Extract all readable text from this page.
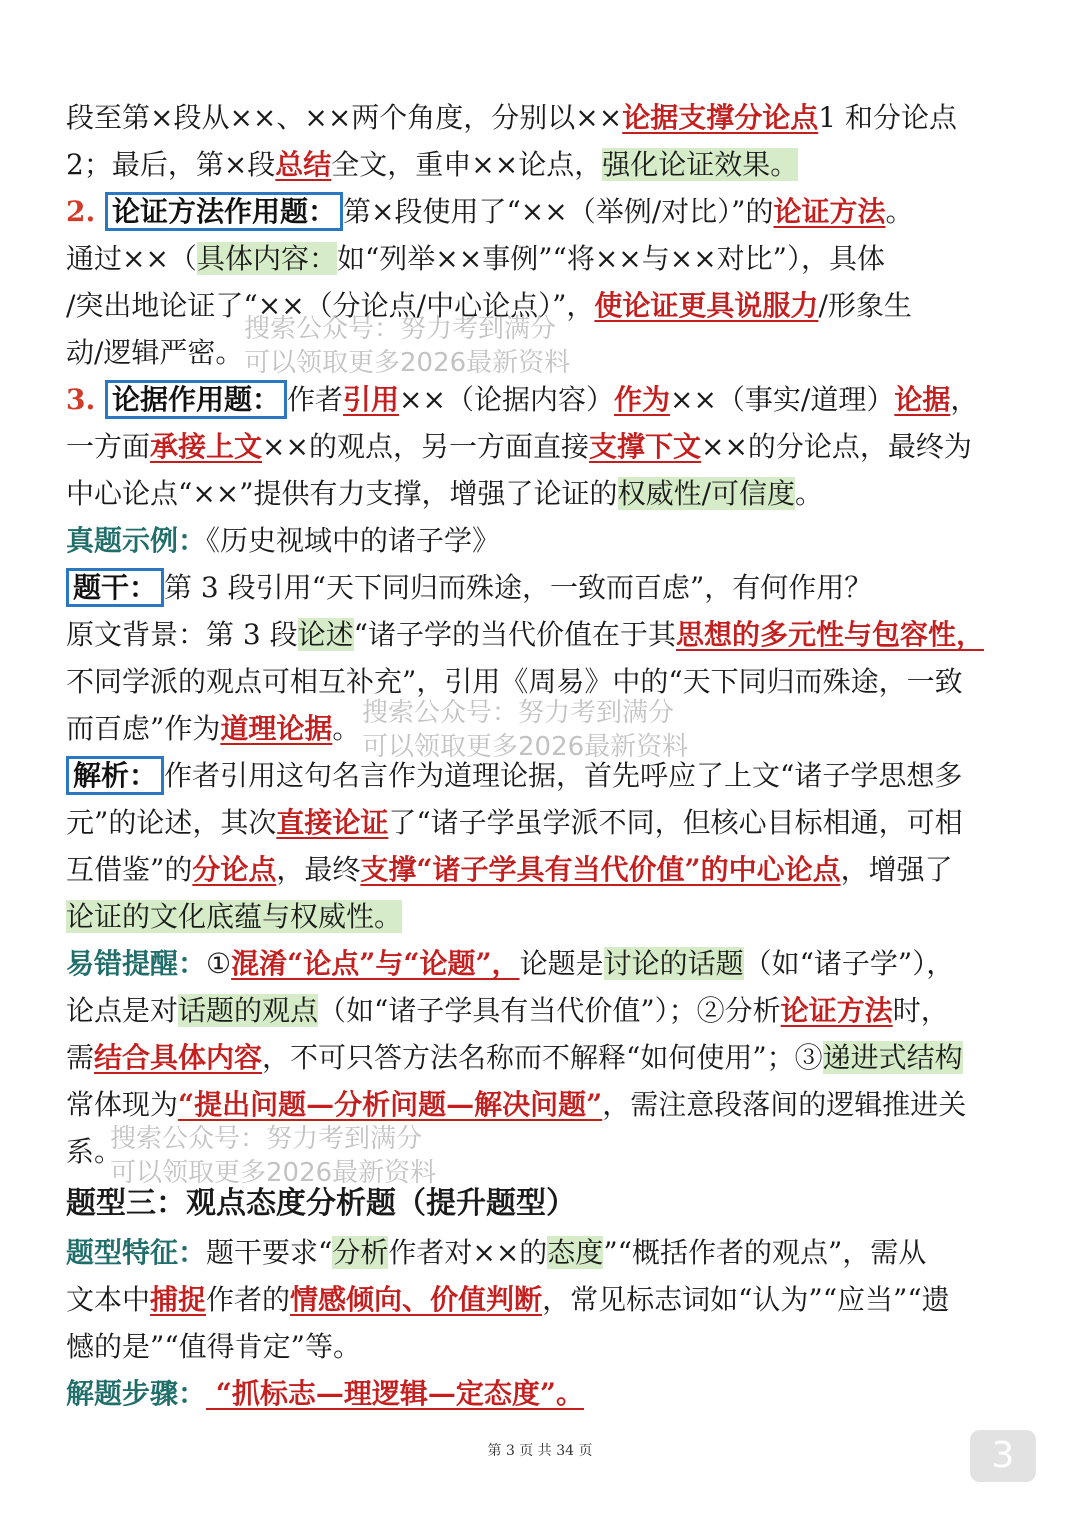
段至第×段从××、××两个角度，分别以××论据支撑分论点1 和分论点
2；最后，第×段总结全文，重申××论点，强化论证效果。
2. 论证方法作用题： 第×段使用了“××（举例/对比）”的论证方法。
通过××（具体内容：如“列举××事例”“将××与××对比”），具体
/突出地论证了“××（分论点/中心论点）”，使论证更具说服力/形象生
动/逻辑严密。
3. 论据作用题： 作者引用××（论据内容）作为××（事实/道理）论据，
一方面承接上文××的观点，另一方面直接支撑下文××的分论点，最终为
中心论点“××”提供有力支撑，增强了论证的权威性/可信度。
真题示例：《历史视域中的诸子学》
题干： 第 3 段引用“天下同归而殊途，一致而百虑”，有何作用？
原文背景：第 3 段论述“诸子学的当代价值在于其思想的多元性与包容性，
不同学派的观点可相互补充”，引用《周易》中的“天下同归而殊途，一致
而百虑”作为道理论据。
解析： 作者引用这句名言作为道理论据，首先呼应了上文“诸子学思想多
元”的论述，其次直接论证了“诸子学虽学派不同，但核心目标相通，可相
互借鉴”的分论点，最终支撑“诸子学具有当代价值”的中心论点，增强了
论证的文化底蕴与权威性。
易错提醒：①混淆“论点”与“论题”，论题是讨论的话题（如“诸子学”），
论点是对话题的观点（如“诸子学具有当代价值”）；②分析论证方法时，
需结合具体内容，不可只答方法名称而不解释“如何使用”；③递进式结构
常体现为“提出问题—分析问题—解决问题”，需注意段落间的逻辑推进关
系。
题型三：观点态度分析题（提升题型）
题型特征：题干要求“分析作者对××的态度”“概括作者的观点”，需从
文本中捕捉作者的情感倾向、价值判断，常见标志词如“认为”“应当”“遗
憾的是”“值得肯定”等。
解题步骤： “抓标志—理逻辑—定态度”。
搜索公众号：努力考到满分
可以领取更多2026最新资料
搜索公众号：努力考到满分
可以领取更多2026最新资料
搜索公众号：努力考到满分
可以领取更多2026最新资料
第 3 页 共 34 页	3
